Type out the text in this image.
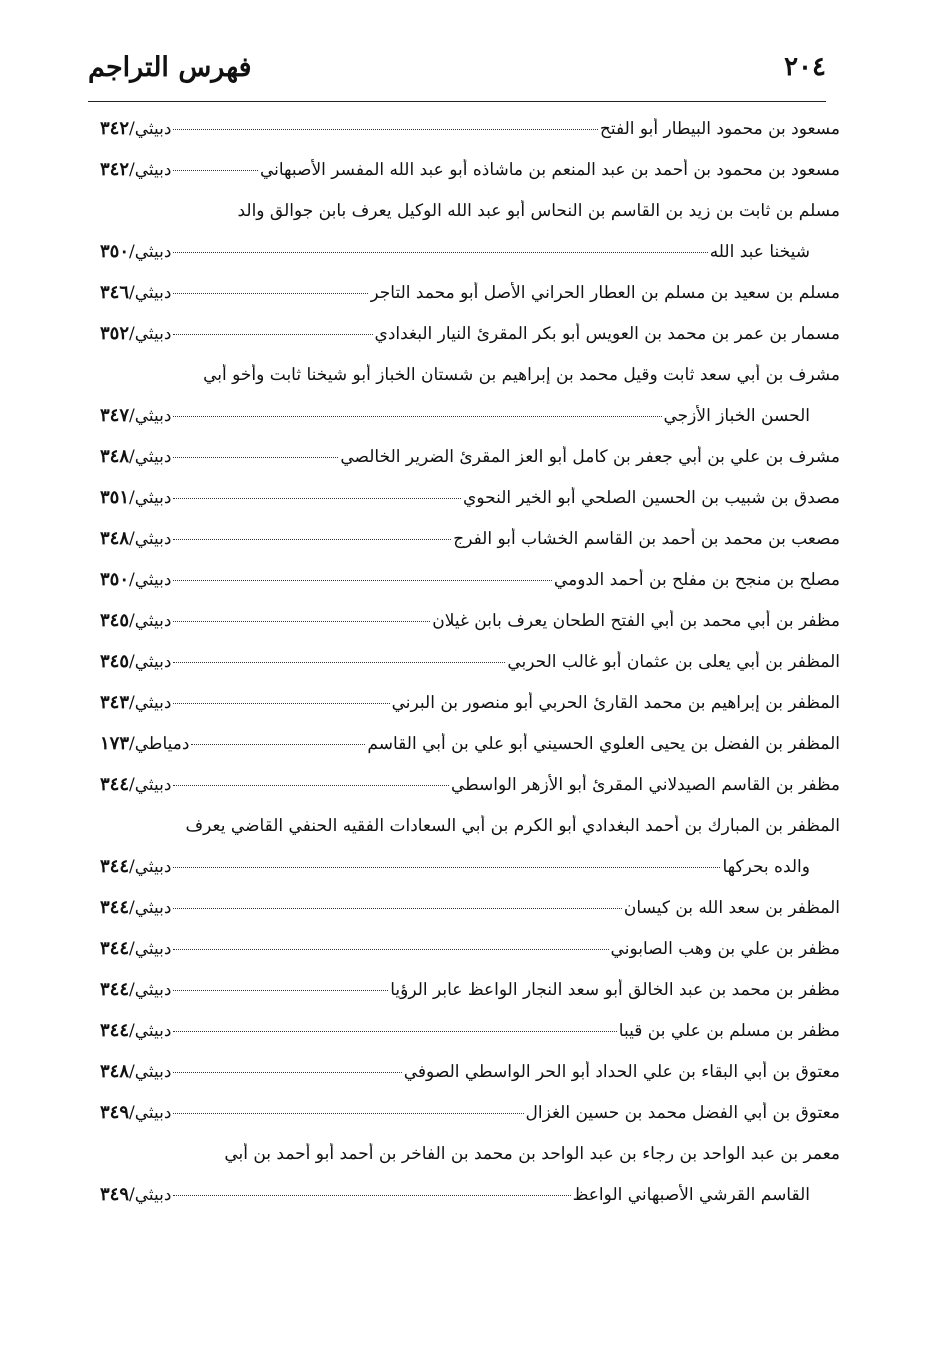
٢٠٤
فهرس التراجم
مسعود بن محمود البيطار أبو الفتح
دبيثي/٣٤٢
مسعود بن محمود بن أحمد بن عبد المنعم بن ماشاذه أبو عبد الله المفسر الأصبهاني
دبيثي/٣٤٢
مسلم بن ثابت بن زيد بن القاسم بن النحاس أبو عبد الله الوكيل يعرف بابن جوالق والد
شيخنا عبد الله
دبيثي/٣٥٠
مسلم بن سعيد بن مسلم بن العطار الحراني الأصل أبو محمد التاجر
دبيثي/٣٤٦
مسمار بن عمر بن محمد بن العويس أبو بكر المقرئ النيار البغدادي
دبيثي/٣٥٢
مشرف بن أبي سعد ثابت وقيل محمد بن إبراهيم بن شستان الخباز أبو شيخنا ثابت وأخو أبي
الحسن الخباز الأزجي
دبيثي/٣٤٧
مشرف بن علي بن أبي جعفر بن كامل أبو العز المقرئ الضرير الخالصي
دبيثي/٣٤٨
مصدق بن شبيب بن الحسين الصلحي أبو الخير النحوي
دبيثي/٣٥١
مصعب بن محمد بن أحمد بن القاسم الخشاب أبو الفرج
دبيثي/٣٤٨
مصلح بن منجح بن مفلح بن أحمد الدومي
دبيثي/٣٥٠
مظفر بن أبي محمد بن أبي الفتح الطحان يعرف بابن غيلان
دبيثي/٣٤٥
المظفر بن أبي يعلى بن عثمان أبو غالب الحربي
دبيثي/٣٤٥
المظفر بن إبراهيم بن محمد القارئ الحربي أبو منصور بن البرني
دبيثي/٣٤٣
المظفر بن الفضل بن يحيى العلوي الحسيني أبو علي بن أبي القاسم
دمياطي/١٧٣
مظفر بن القاسم الصيدلاني المقرئ أبو الأزهر الواسطي
دبيثي/٣٤٤
المظفر بن المبارك بن أحمد البغدادي أبو الكرم بن أبي السعادات الفقيه الحنفي القاضي يعرف
والده بحركها
دبيثي/٣٤٤
المظفر بن سعد الله بن كيسان
دبيثي/٣٤٤
مظفر بن علي بن وهب الصابوني
دبيثي/٣٤٤
مظفر بن محمد بن عبد الخالق أبو سعد النجار الواعظ عابر الرؤيا
دبيثي/٣٤٤
مظفر بن مسلم بن علي بن قيبا
دبيثي/٣٤٤
معتوق بن أبي البقاء بن علي الحداد أبو الحر الواسطي الصوفي
دبيثي/٣٤٨
معتوق بن أبي الفضل محمد بن حسين الغزال
دبيثي/٣٤٩
معمر بن عبد الواحد بن رجاء بن عبد الواحد بن محمد بن الفاخر بن أحمد أبو أحمد بن أبي
القاسم القرشي الأصبهاني الواعظ
دبيثي/٣٤٩
